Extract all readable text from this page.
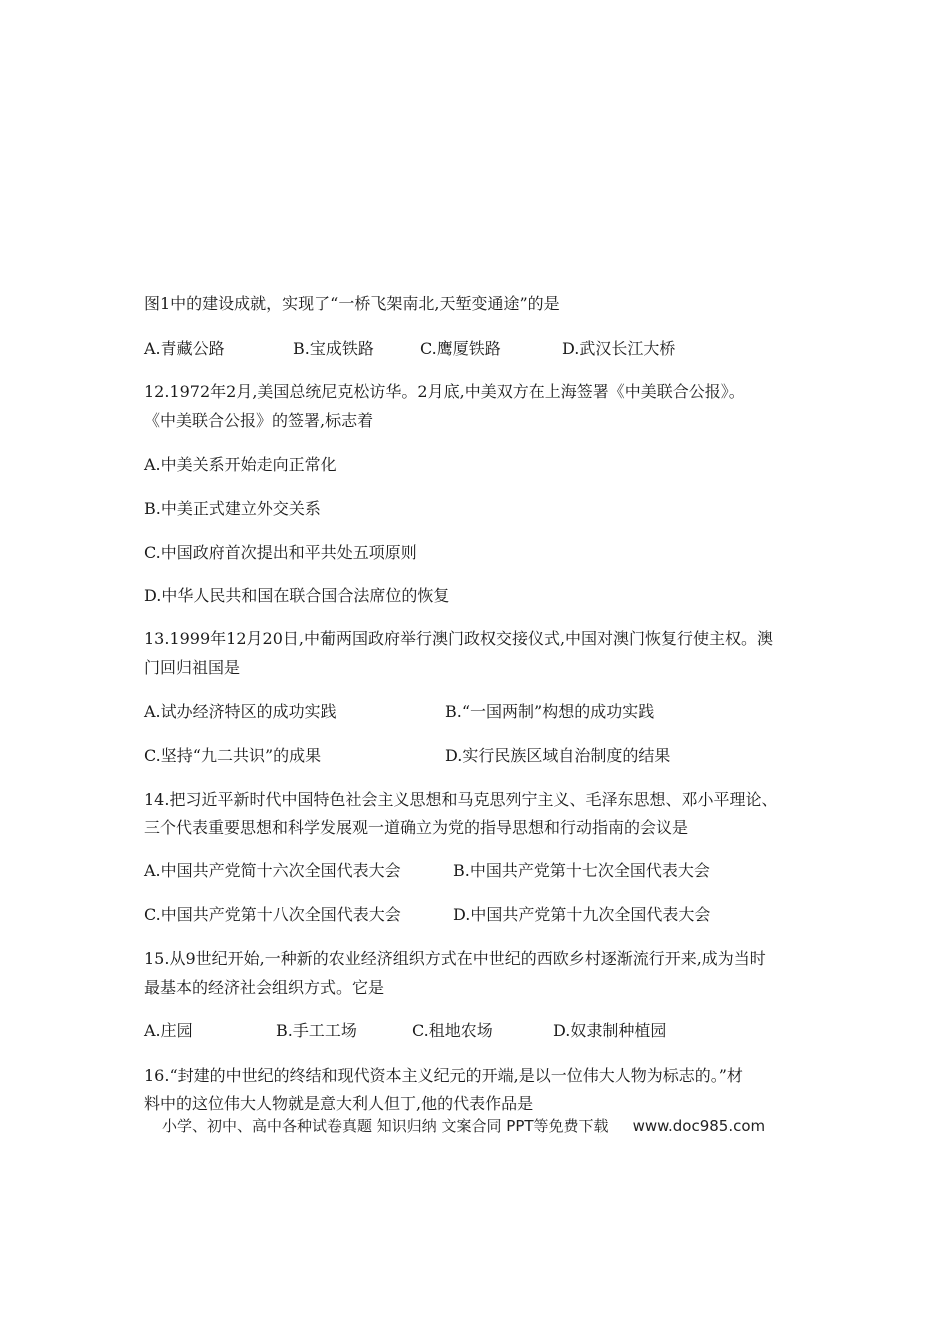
图1中的建设成就，实现了“一桥飞架南北,天堑变通途”的是
A.青藏公路	B.宝成铁路	C.鹰厦铁路	D.武汉长江大桥
12.1972年2月,美国总统尼克松访华。2月底,中美双方在上海签署《中美联合公报》。
《中美联合公报》的签署,标志着
A.中美关系开始走向正常化
B.中美正式建立外交关系
C.中国政府首次提出和平共处五项原则
D.中华人民共和国在联合国合法席位的恢复
13.1999年12月20日,中葡两国政府举行澳门政权交接仪式,中国对澳门恢复行使主权。澳
门回归祖国是
A.试办经济特区的成功实践	B.“一国两制”构想的成功实践
C.坚持“九二共识”的成果	D.实行民族区域自治制度的结果
14.把习近平新时代中国特色社会主义思想和马克思列宁主义、毛泽东思想、邓小平理论、
三个代表重要思想和科学发展观一道确立为党的指导思想和行动指南的会议是
A.中国共产党简十六次全国代表大会	B.中国共产党第十七次全国代表大会
C.中国共产党第十八次全国代表大会	D.中国共产党第十九次全国代表大会
15.从9世纪开始,一种新的农业经济组织方式在中世纪的西欧乡村逐渐流行开来,成为当时
最基本的经济社会组织方式。它是
A.庄园	B.手工工场	C.租地农场	D.奴隶制种植园
16.“封建的中世纪的终结和现代资本主义纪元的开端,是以一位伟大人物为标志的。”材
料中的这位伟大人物就是意大利人但丁,他的代表作品是
小学、初中、高中各种试卷真题 知识归纳 文案合同 PPT等免费下载 www.doc985.com
